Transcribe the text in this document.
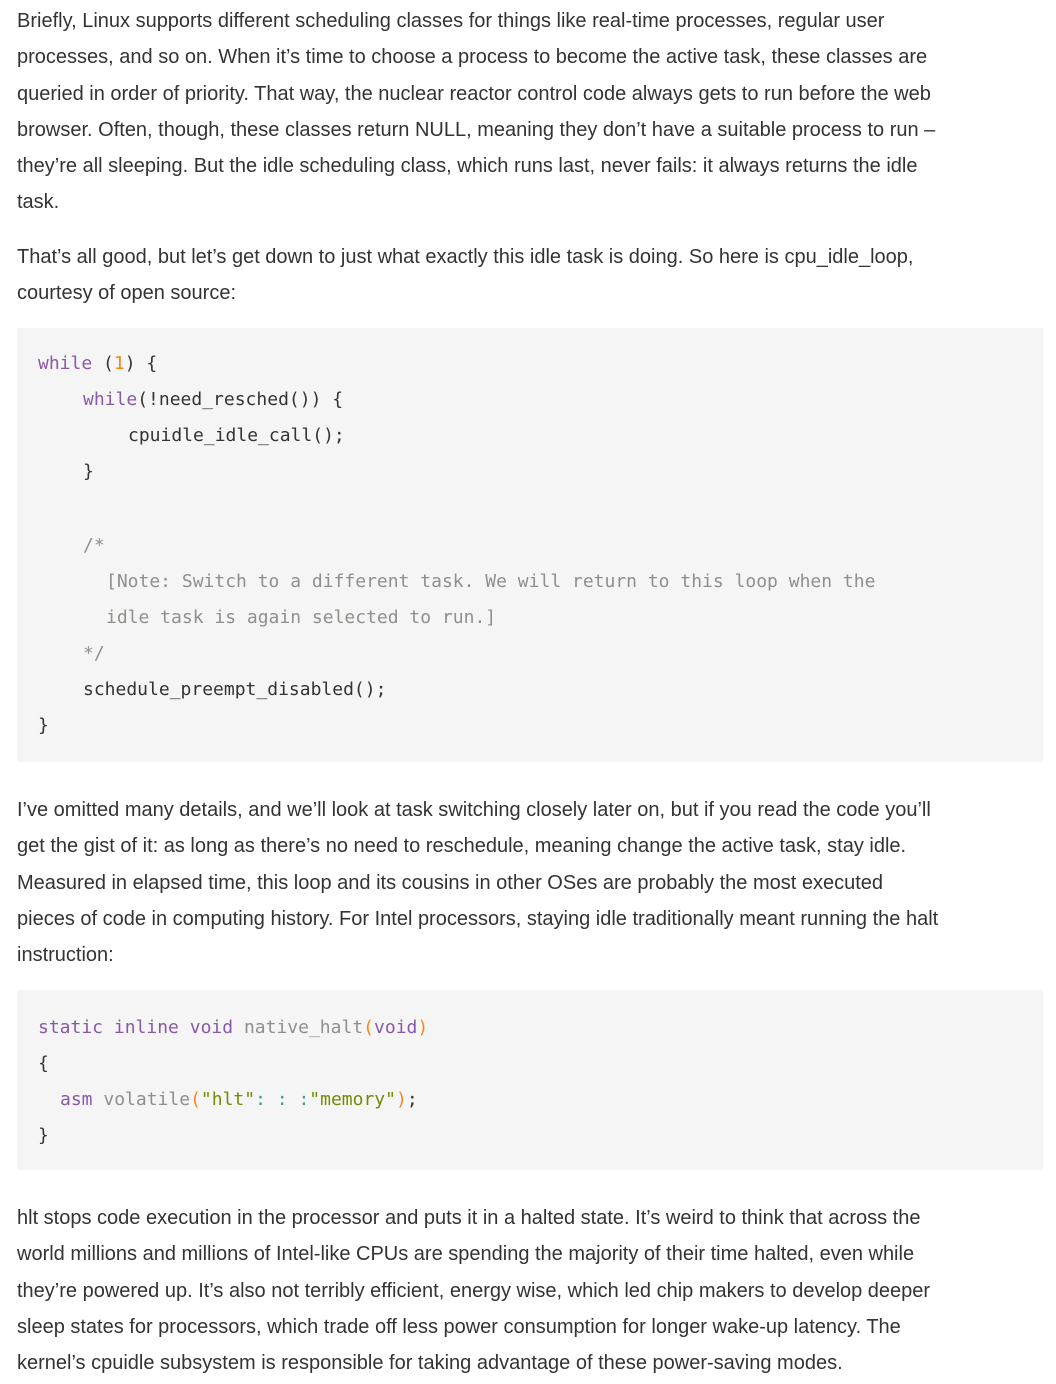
Briefly, Linux supports different scheduling classes for things like real-time processes, regular user
processes, and so on. When it’s time to choose a process to become the active task, these classes are
queried in order of priority. That way, the nuclear reactor control code always gets to run before the web
browser. Often, though, these classes return NULL, meaning they don’t have a suitable process to run –
they’re all sleeping. But the idle scheduling class, which runs last, never fails: it always returns the idle
task.

That’s all good, but let’s get down to just what exactly this idle task is doing. So here is cpu_idle_loop,
courtesy of open source:

while (1) {
while(!need_resched()) {
cpuidle_idle_call();
}
/*
[Note: Switch to a different task. We will return to this loop when the
idle task is again selected to run.]
*/
schedule_preempt_disabled();
}

I’ve omitted many details, and we’ll look at task switching closely later on, but if you read the code you’ll
get the gist of it: as long as there’s no need to reschedule, meaning change the active task, stay idle.
Measured in elapsed time, this loop and its cousins in other OSes are probably the most executed
pieces of code in computing history. For Intel processors, staying idle traditionally meant running the halt
instruction:

static inline void native_halt(void)
{
asm volatile("hlt": : :"memory");
}

hlt stops code execution in the processor and puts it in a halted state. It’s weird to think that across the
world millions and millions of Intel-like CPUs are spending the majority of their time halted, even while
they’re powered up. It’s also not terribly efficient, energy wise, which led chip makers to develop deeper
sleep states for processors, which trade off less power consumption for longer wake-up latency. The
kernel’s cpuidle subsystem is responsible for taking advantage of these power-saving modes.
